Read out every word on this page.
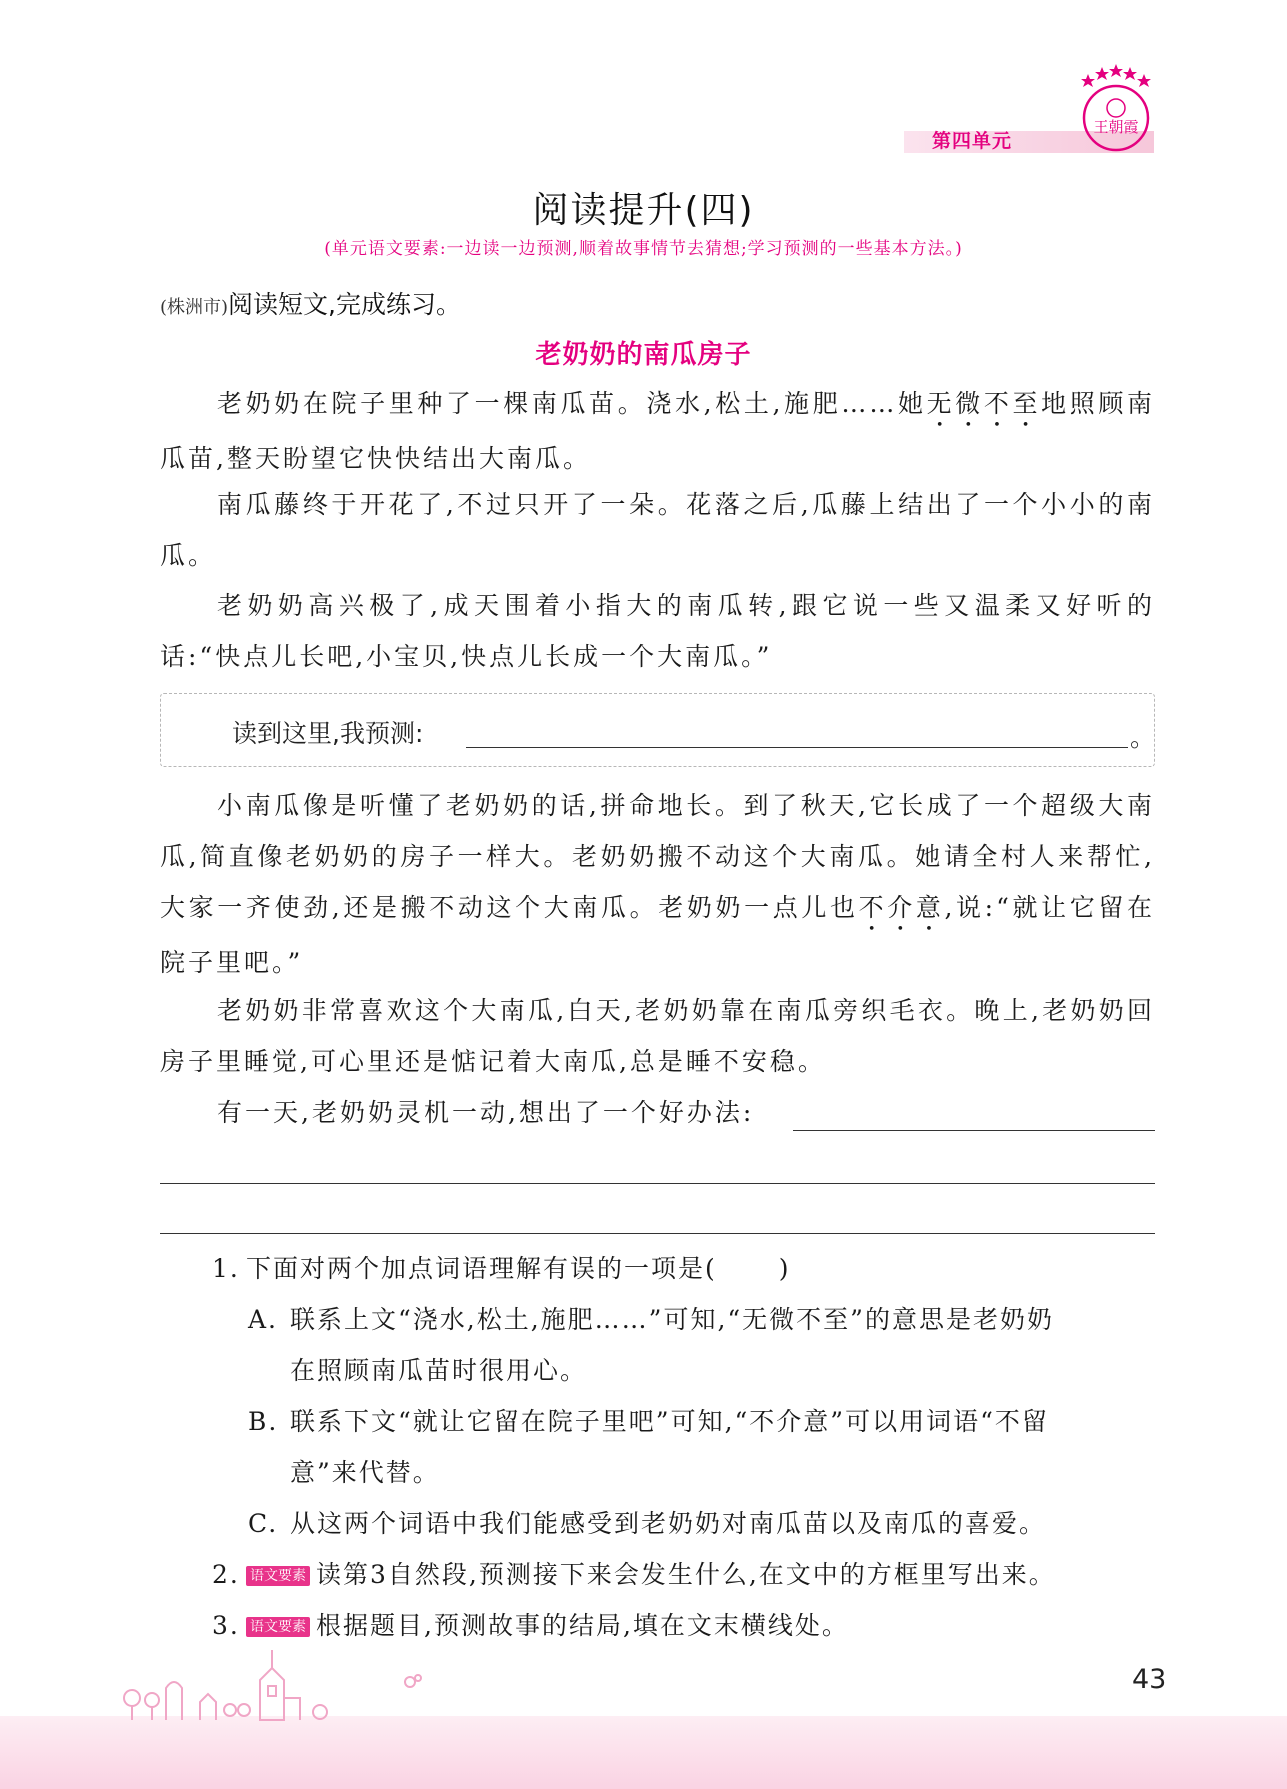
第四单元
王朝霞
阅读提升(四)
(单元语文要素:一边读一边预测,顺着故事情节去猜想;学习预测的一些基本方法。)
(株洲市)阅读短文,完成练习。
老奶奶的南瓜房子

老奶奶在院子里种了一棵南瓜苗。浇水,松土,施肥……她无微不至地照顾南瓜苗,整天盼望它快快结出大南瓜。

南瓜藤终于开花了,不过只开了一朵。花落之后,瓜藤上结出了一个小小的南瓜。

老奶奶高兴极了,成天围着小指大的南瓜转,跟它说一些又温柔又好听的话:“快点儿长吧,小宝贝,快点儿长成一个大南瓜。”

读到这里,我预测:	。

小南瓜像是听懂了老奶奶的话,拼命地长。到了秋天,它长成了一个超级大南瓜,简直像老奶奶的房子一样大。老奶奶搬不动这个大南瓜。她请全村人来帮忙,大家一齐使劲,还是搬不动这个大南瓜。老奶奶一点儿也不介意,说:“就让它留在院子里吧。”

老奶奶非常喜欢这个大南瓜,白天,老奶奶靠在南瓜旁织毛衣。晚上,老奶奶回房子里睡觉,可心里还是惦记着大南瓜,总是睡不安稳。

有一天,老奶奶灵机一动,想出了一个好办法:

1. 下面对两个加点词语理解有误的一项是( )
A. 联系上文“浇水,松土,施肥……”可知,“无微不至”的意思是老奶奶
在照顾南瓜苗时很用心。
B. 联系下文“就让它留在院子里吧”可知,“不介意”可以用词语“不留
意”来代替。
C. 从这两个词语中我们能感受到老奶奶对南瓜苗以及南瓜的喜爱。
2. 语文要素 读第3自然段,预测接下来会发生什么,在文中的方框里写出来。
3. 语文要素 根据题目,预测故事的结局,填在文末横线处。
43
